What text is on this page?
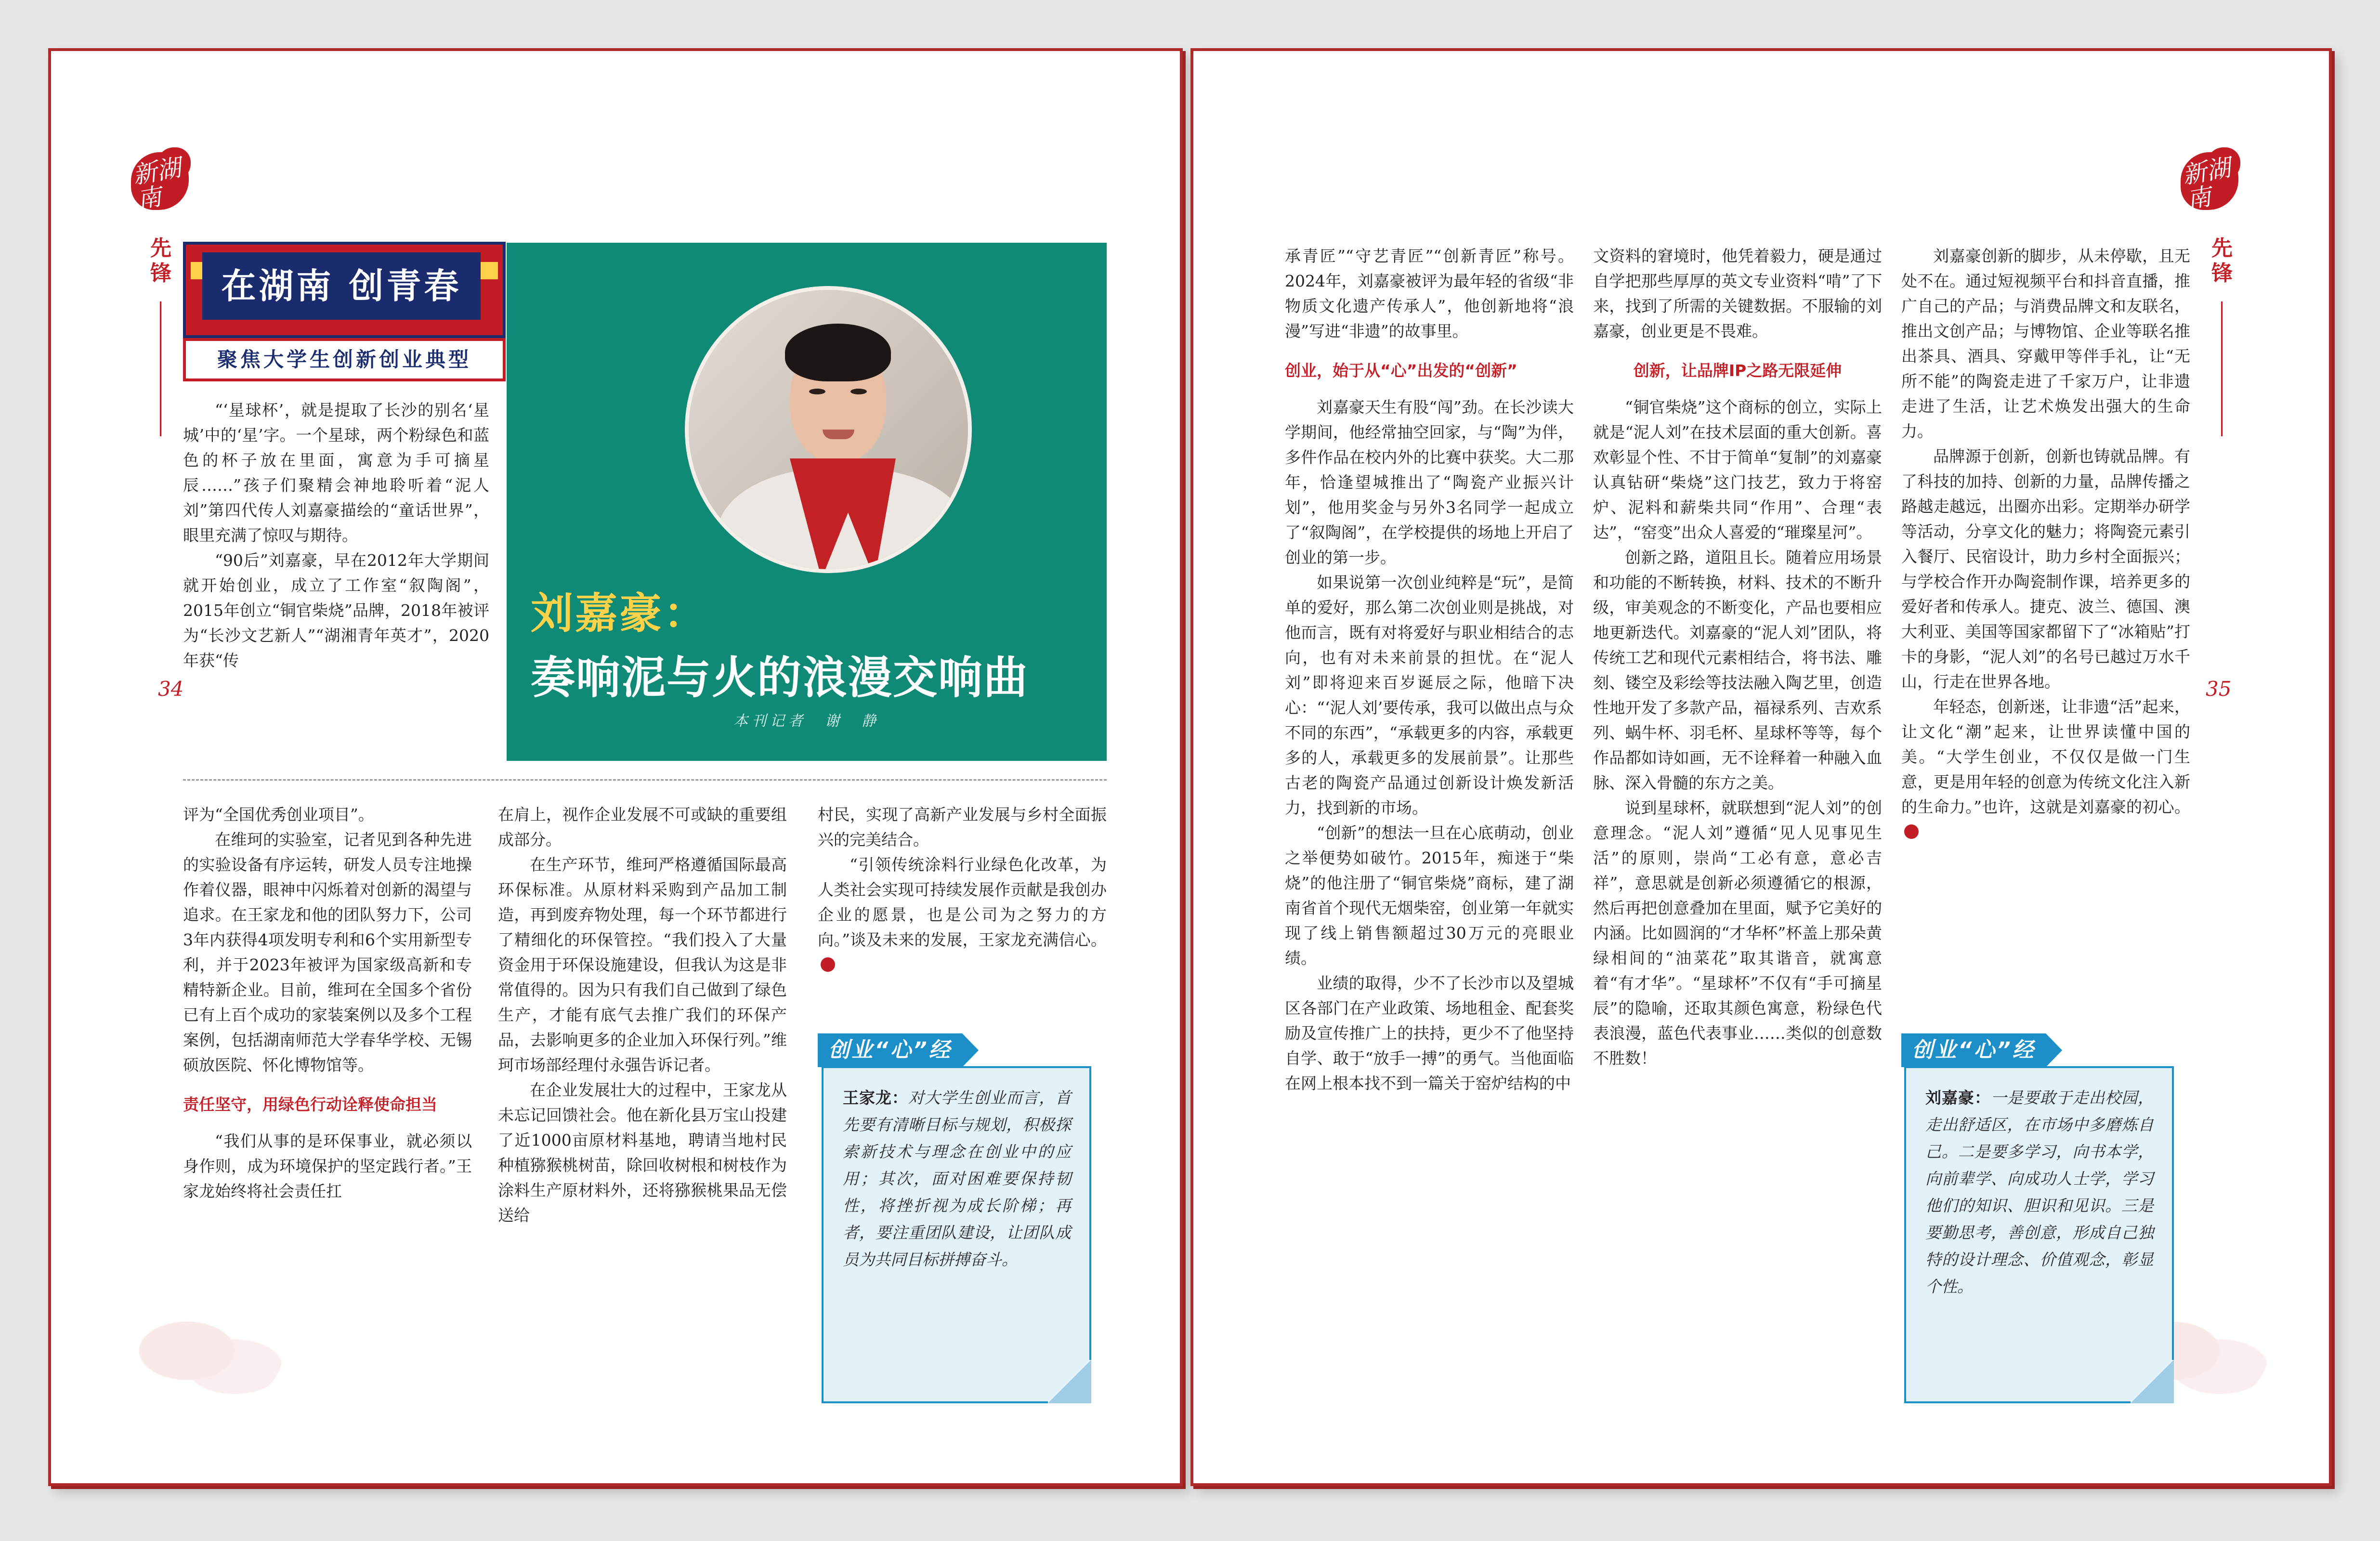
新湖南
先锋
34
在湖南 创青春
聚焦大学生创新创业典型
刘嘉豪：
奏响泥与火的浪漫交响曲
本刊记者　谢　静

“‘星球杯’，就是提取了长沙的别名‘星城’中的‘星’字。一个星球，两个粉绿色和蓝色的杯子放在里面，寓意为手可摘星辰……”孩子们聚精会神地聆听着“泥人刘”第四代传人刘嘉豪描绘的“童话世界”，眼里充满了惊叹与期待。

“90后”刘嘉豪，早在2012年大学期间就开始创业，成立了工作室“叙陶阁”，2015年创立“铜官柴烧”品牌，2018年被评为“长沙文艺新人”“湖湘青年英才”，2020年获“传

评为“全国优秀创业项目”。

在维珂的实验室，记者见到各种先进的实验设备有序运转，研发人员专注地操作着仪器，眼神中闪烁着对创新的渴望与追求。在王家龙和他的团队努力下，公司3年内获得4项发明专利和6个实用新型专利，并于2023年被评为国家级高新和专精特新企业。目前，维珂在全国多个省份已有上百个成功的家装案例以及多个工程案例，包括湖南师范大学春华学校、无锡硕放医院、怀化博物馆等。

责任坚守，用绿色行动诠释使命担当

“我们从事的是环保事业，就必须以身作则，成为环境保护的坚定践行者。”王家龙始终将社会责任扛

在肩上，视作企业发展不可或缺的重要组成部分。

在生产环节，维珂严格遵循国际最高环保标准。从原材料采购到产品加工制造，再到废弃物处理，每一个环节都进行了精细化的环保管控。“我们投入了大量资金用于环保设施建设，但我认为这是非常值得的。因为只有我们自己做到了绿色生产，才能有底气去推广我们的环保产品，去影响更多的企业加入环保行列。”维珂市场部经理付永强告诉记者。

在企业发展壮大的过程中，王家龙从未忘记回馈社会。他在新化县万宝山投建了近1000亩原材料基地，聘请当地村民种植猕猴桃树苗，除回收树根和树枝作为涂料生产原材料外，还将猕猴桃果品无偿送给

村民，实现了高新产业发展与乡村全面振兴的完美结合。

“引领传统涂料行业绿色化改革，为人类社会实现可持续发展作贡献是我创办企业的愿景，也是公司为之努力的方向。”谈及未来的发展，王家龙充满信心。

创业“心”经
王家龙：对大学生创业而言，首先要有清晰目标与规划，积极探索新技术与理念在创业中的应用；其次，面对困难要保持韧性，将挫折视为成长阶梯；再者，要注重团队建设，让团队成员为共同目标拼搏奋斗。
新湖南
先锋
35

承青匠”“守艺青匠”“创新青匠”称号。2024年，刘嘉豪被评为最年轻的省级“非物质文化遗产传承人”，他创新地将“浪漫”写进“非遗”的故事里。

创业，始于从“心”出发的“创新”

刘嘉豪天生有股“闯”劲。在长沙读大学期间，他经常抽空回家，与“陶”为伴，多件作品在校内外的比赛中获奖。大二那年，恰逢望城推出了“陶瓷产业振兴计划”，他用奖金与另外3名同学一起成立了“叙陶阁”，在学校提供的场地上开启了创业的第一步。

如果说第一次创业纯粹是“玩”，是简单的爱好，那么第二次创业则是挑战，对他而言，既有对将爱好与职业相结合的志向，也有对未来前景的担忧。在“泥人刘”即将迎来百岁诞辰之际，他暗下决心：“‘泥人刘’要传承，我可以做出点与众不同的东西”，“承载更多的内容，承载更多的人，承载更多的发展前景”。让那些古老的陶瓷产品通过创新设计焕发新活力，找到新的市场。

“创新”的想法一旦在心底萌动，创业之举便势如破竹。2015年，痴迷于“柴烧”的他注册了“铜官柴烧”商标，建了湖南省首个现代无烟柴窑，创业第一年就实现了线上销售额超过30万元的亮眼业绩。

业绩的取得，少不了长沙市以及望城区各部门在产业政策、场地租金、配套奖励及宣传推广上的扶持，更少不了他坚持自学、敢于“放手一搏”的勇气。当他面临在网上根本找不到一篇关于窑炉结构的中

文资料的窘境时，他凭着毅力，硬是通过自学把那些厚厚的英文专业资料“啃”了下来，找到了所需的关键数据。不服输的刘嘉豪，创业更是不畏难。

创新，让品牌IP之路无限延伸

“铜官柴烧”这个商标的创立，实际上就是“泥人刘”在技术层面的重大创新。喜欢彰显个性、不甘于简单“复制”的刘嘉豪认真钻研“柴烧”这门技艺，致力于将窑炉、泥料和薪柴共同“作用”、合理“表达”，“窑变”出众人喜爱的“璀璨星河”。

创新之路，道阻且长。随着应用场景和功能的不断转换，材料、技术的不断升级，审美观念的不断变化，产品也要相应地更新迭代。刘嘉豪的“泥人刘”团队，将传统工艺和现代元素相结合，将书法、雕刻、镂空及彩绘等技法融入陶艺里，创造性地开发了多款产品，福禄系列、吉欢系列、蜗牛杯、羽毛杯、星球杯等等，每个作品都如诗如画，无不诠释着一种融入血脉、深入骨髓的东方之美。

说到星球杯，就联想到“泥人刘”的创意理念。“泥人刘”遵循“见人见事见生活”的原则，崇尚“工必有意，意必吉祥”，意思就是创新必须遵循它的根源，然后再把创意叠加在里面，赋予它美好的内涵。比如圆润的“才华杯”杯盖上那朵黄绿相间的“油菜花”取其谐音，就寓意着“有才华”。“星球杯”不仅有“手可摘星辰”的隐喻，还取其颜色寓意，粉绿色代表浪漫，蓝色代表事业……类似的创意数不胜数！

刘嘉豪创新的脚步，从未停歇，且无处不在。通过短视频平台和抖音直播，推广自己的产品；与消费品牌文和友联名，推出文创产品；与博物馆、企业等联名推出茶具、酒具、穿戴甲等伴手礼，让“无所不能”的陶瓷走进了千家万户，让非遗走进了生活，让艺术焕发出强大的生命力。

品牌源于创新，创新也铸就品牌。有了科技的加持、创新的力量，品牌传播之路越走越远，出圈亦出彩。定期举办研学等活动，分享文化的魅力；将陶瓷元素引入餐厅、民宿设计，助力乡村全面振兴；与学校合作开办陶瓷制作课，培养更多的爱好者和传承人。捷克、波兰、德国、澳大利亚、美国等国家都留下了“冰箱贴”打卡的身影，“泥人刘”的名号已越过万水千山，行走在世界各地。

年轻态，创新迷，让非遗“活”起来，让文化“潮”起来，让世界读懂中国的美。“大学生创业，不仅仅是做一门生意，更是用年轻的创意为传统文化注入新的生命力。”也许，这就是刘嘉豪的初心。

创业“心”经
刘嘉豪：一是要敢于走出校园，走出舒适区，在市场中多磨炼自己。二是要多学习，向书本学，向前辈学、向成功人士学，学习他们的知识、胆识和见识。三是要勤思考，善创意，形成自己独特的设计理念、价值观念，彰显个性。
